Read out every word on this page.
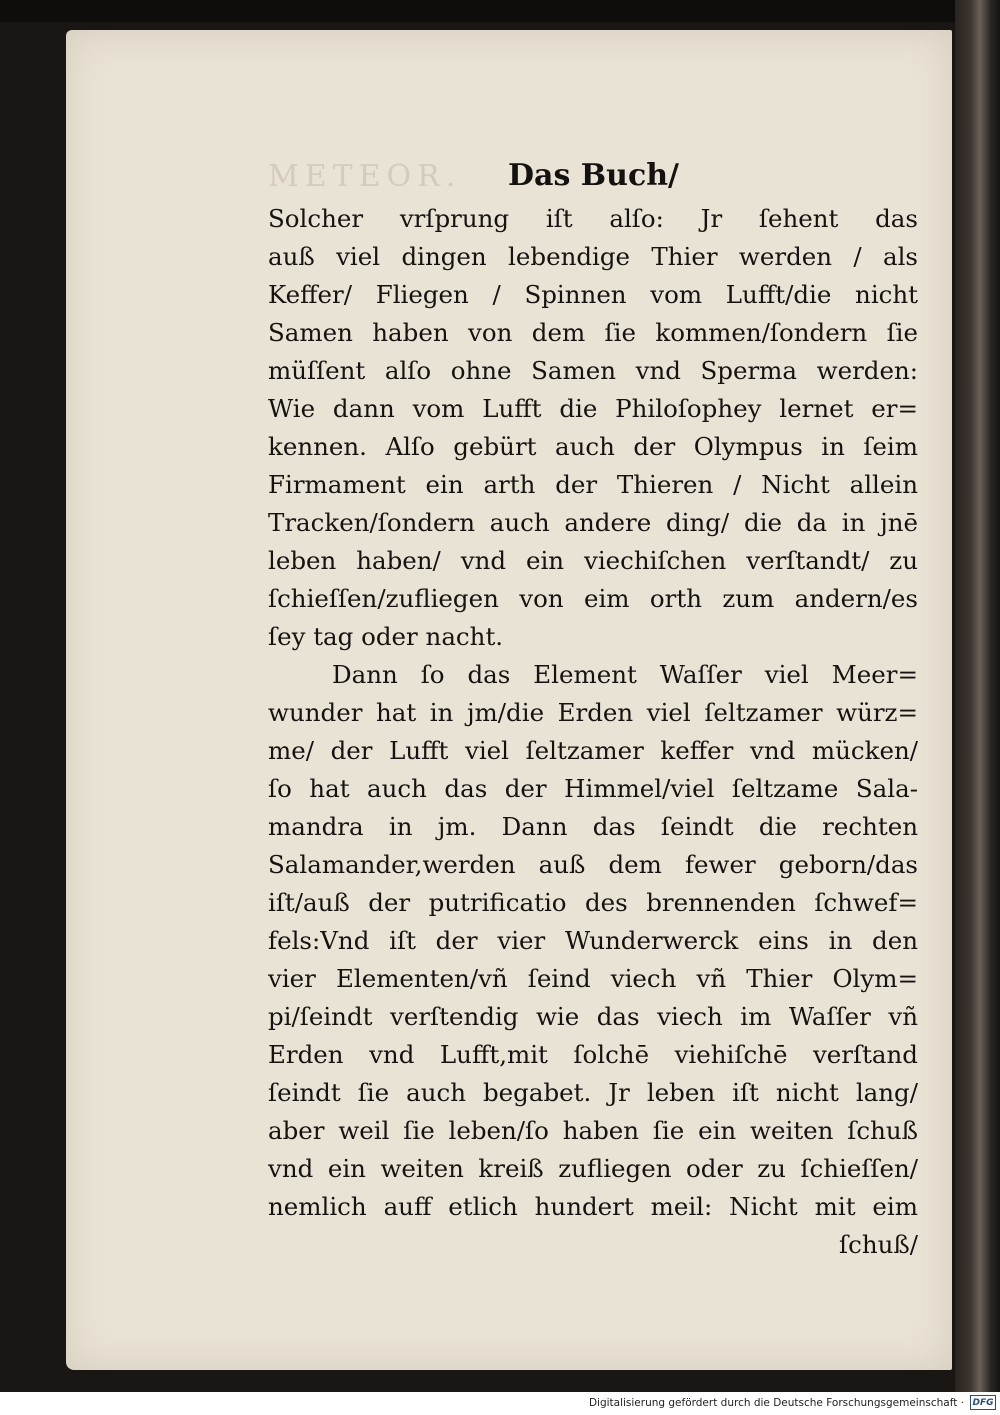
METEOR.	Das Buch/
Solcher vrſprung iſt alſo: Jr ſehent das
auß viel dingen lebendige Thier werden / als
Keffer/ Fliegen / Spinnen vom Lufft/die nicht
Samen haben von dem ſie kommen/ſondern ſie
müſſent alſo ohne Samen vnd Sperma werden:
Wie dann vom Lufft die Philoſophey lernet er=
kennen. Alſo gebürt auch der Olympus in ſeim
Firmament ein arth der Thieren / Nicht allein
Tracken/ſondern auch andere ding/ die da in jnē
leben haben/ vnd ein viechiſchen verſtandt/ zu
ſchieſſen/zufliegen von eim orth zum andern/es
ſey tag oder nacht.
Dann ſo das Element Waſſer viel Meer=
wunder hat in jm/die Erden viel ſeltzamer würz=
me/ der Lufft viel ſeltzamer keffer vnd mücken/
ſo hat auch das der Himmel/viel ſeltzame Sala-
mandra in jm. Dann das ſeindt die rechten
Salamander,werden auß dem fewer geborn/das
iſt/auß der putrificatio des brennenden ſchwef=
fels:Vnd iſt der vier Wunderwerck eins in den
vier Elementen/vñ ſeind viech vñ Thier Olym=
pi/ſeindt verſtendig wie das viech im Waſſer vñ
Erden vnd Lufft,mit ſolchē viehiſchē verſtand
ſeindt ſie auch begabet. Jr leben iſt nicht lang/
aber weil ſie leben/ſo haben ſie ein weiten ſchuß
vnd ein weiten kreiß zufliegen oder zu ſchieſſen/
nemlich auff etlich hundert meil: Nicht mit eim
ſchuß/
Digitalisierung gefördert durch die Deutsche Forschungsgemeinschaft · DFG
